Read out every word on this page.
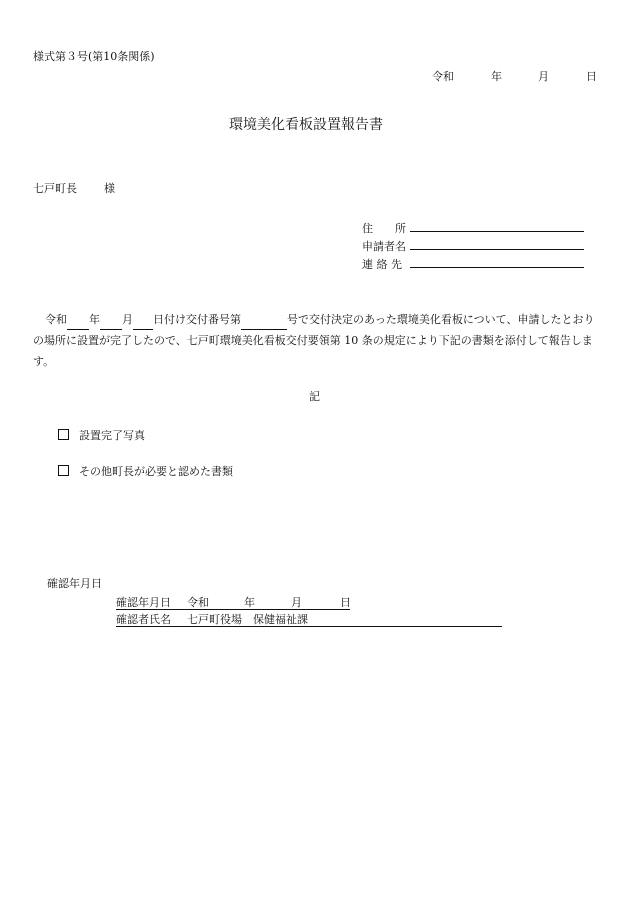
様式第３号(第10条関係)
令和	年	月	日
環境美化看板設置報告書
七戸町長 様
住　　所
申請者名
連 絡 先

令和 年 月 日付け交付番号第	号で交付決定のあった環境美化看板について、申請したとおりの場所に設置が完了したので、七戸町環境美化看板交付要領第 10 条の規定により下記の書類を添付して報告します。

記
設置完了写真
その他町長が必要と認めた書類
確認年月日
確認年月日 令和	年	月	日
確認者氏名 七戸町役場　保健福祉課
